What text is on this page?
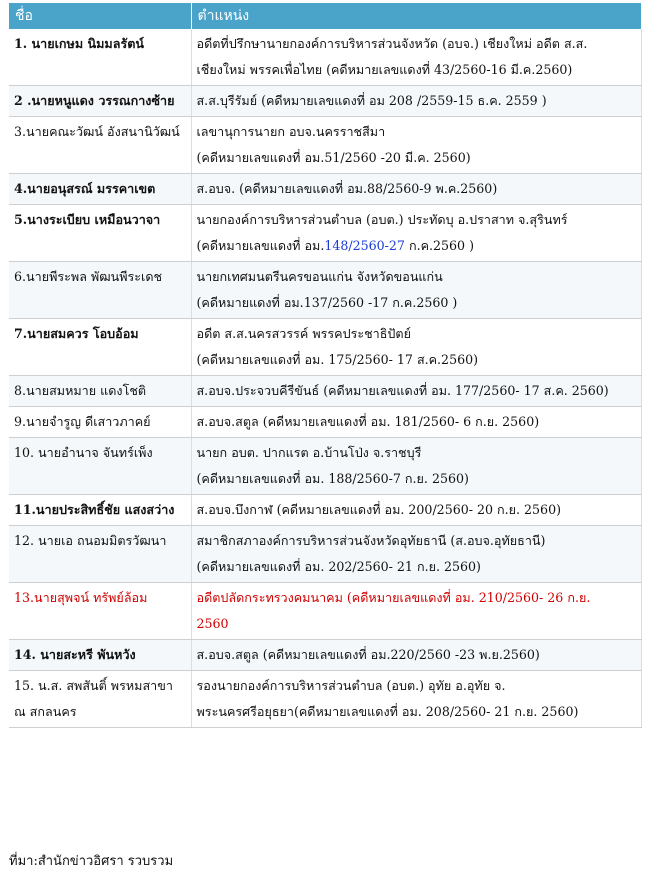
ชื่อ	ตำแหน่ง
1. นายเกษม นิมมลรัตน์	อดีตที่ปรึกษานายกองค์การบริหารส่วนจังหวัด (อบจ.) เชียงใหม่ อดีต ส.ส.
เชียงใหม่ พรรคเพื่อไทย (คดีหมายเลขแดงที่ 43/2560-16 มี.ค.2560)

2 .นายหนูแดง วรรณกางซ้าย	ส.ส.บุรีรัมย์ (คดีหมายเลขแดงที่ อม 208 /2559-15 ธ.ค. 2559 )

3.นายคณะวัฒน์ อังสนานิวัฒน์	เลขานุการนายก อบจ.นครราชสีมา
(คดีหมายเลขแดงที่ อม.51/2560 -20 มี.ค. 2560)

4.นายอนุสรณ์ มรรคาเขต	ส.อบจ. (คดีหมายเลขแดงที่ อม.88/2560-9 พ.ค.2560)

5.นางระเบียบ เหมือนวาจา	นายกองค์การบริหารส่วนตำบล (อบต.) ประทัดบุ อ.ปราสาท จ.สุรินทร์
(คดีหมายเลขแดงที่ อม.148/2560-27 ก.ค.2560 )

6.นายพีระพล พัฒนพีระเดช	นายกเทศมนตรีนครขอนแก่น จังหวัดขอนแก่น
(คดีหมายแดงที่ อม.137/2560 -17 ก.ค.2560 )

7.นายสมควร โอบอ้อม	อดีต ส.ส.นครสวรรค์ พรรคประชาธิปัตย์
(คดีหมายเลขแดงที่ อม. 175/2560- 17 ส.ค.2560)

8.นายสมหมาย แดงโชติ	ส.อบจ.ประจวบคีรีขันธ์ (คดีหมายเลขแดงที่ อม. 177/2560- 17 ส.ค. 2560)

9.นายจำรูญ ดีเสาวภาคย์	ส.อบจ.สตูล (คดีหมายเลขแดงที่ อม. 181/2560- 6 ก.ย. 2560)

10. นายอำนาจ จันทร์เพ็ง	นายก อบต. ปากแรต อ.บ้านโป่ง จ.ราชบุรี
(คดีหมายเลขแดงที่ อม. 188/2560-7 ก.ย. 2560)

11.นายประสิทธิ์ชัย แสงสว่าง	ส.อบจ.บึงกาฬ (คดีหมายเลขแดงที่ อม. 200/2560- 20 ก.ย. 2560)

12. นายเอ ถนอมมิตรวัฒนา	สมาชิกสภาองค์การบริหารส่วนจังหวัดอุทัยธานี (ส.อบจ.อุทัยธานี)
(คดีหมายเลขแดงที่ อม. 202/2560- 21 ก.ย. 2560)

13.นายสุพจน์ ทรัพย์ล้อม	อดีตปลัดกระทรวงคมนาคม (คดีหมายเลขแดงที่ อม. 210/2560- 26 ก.ย.
2560

14. นายสะหรี พันหวัง	ส.อบจ.สตูล (คดีหมายเลขแดงที่ อม.220/2560 -23 พ.ย.2560)

15. น.ส. สพสันติ์ พรหมสาขา ณ สกลนคร	รองนายกองค์การบริหารส่วนตำบล (อบต.) อุทัย อ.อุทัย จ.
พระนครศรีอยุธยา(คดีหมายเลขแดงที่ อม. 208/2560- 21 ก.ย. 2560)
ที่มา:สำนักข่าวอิศรา รวบรวม
